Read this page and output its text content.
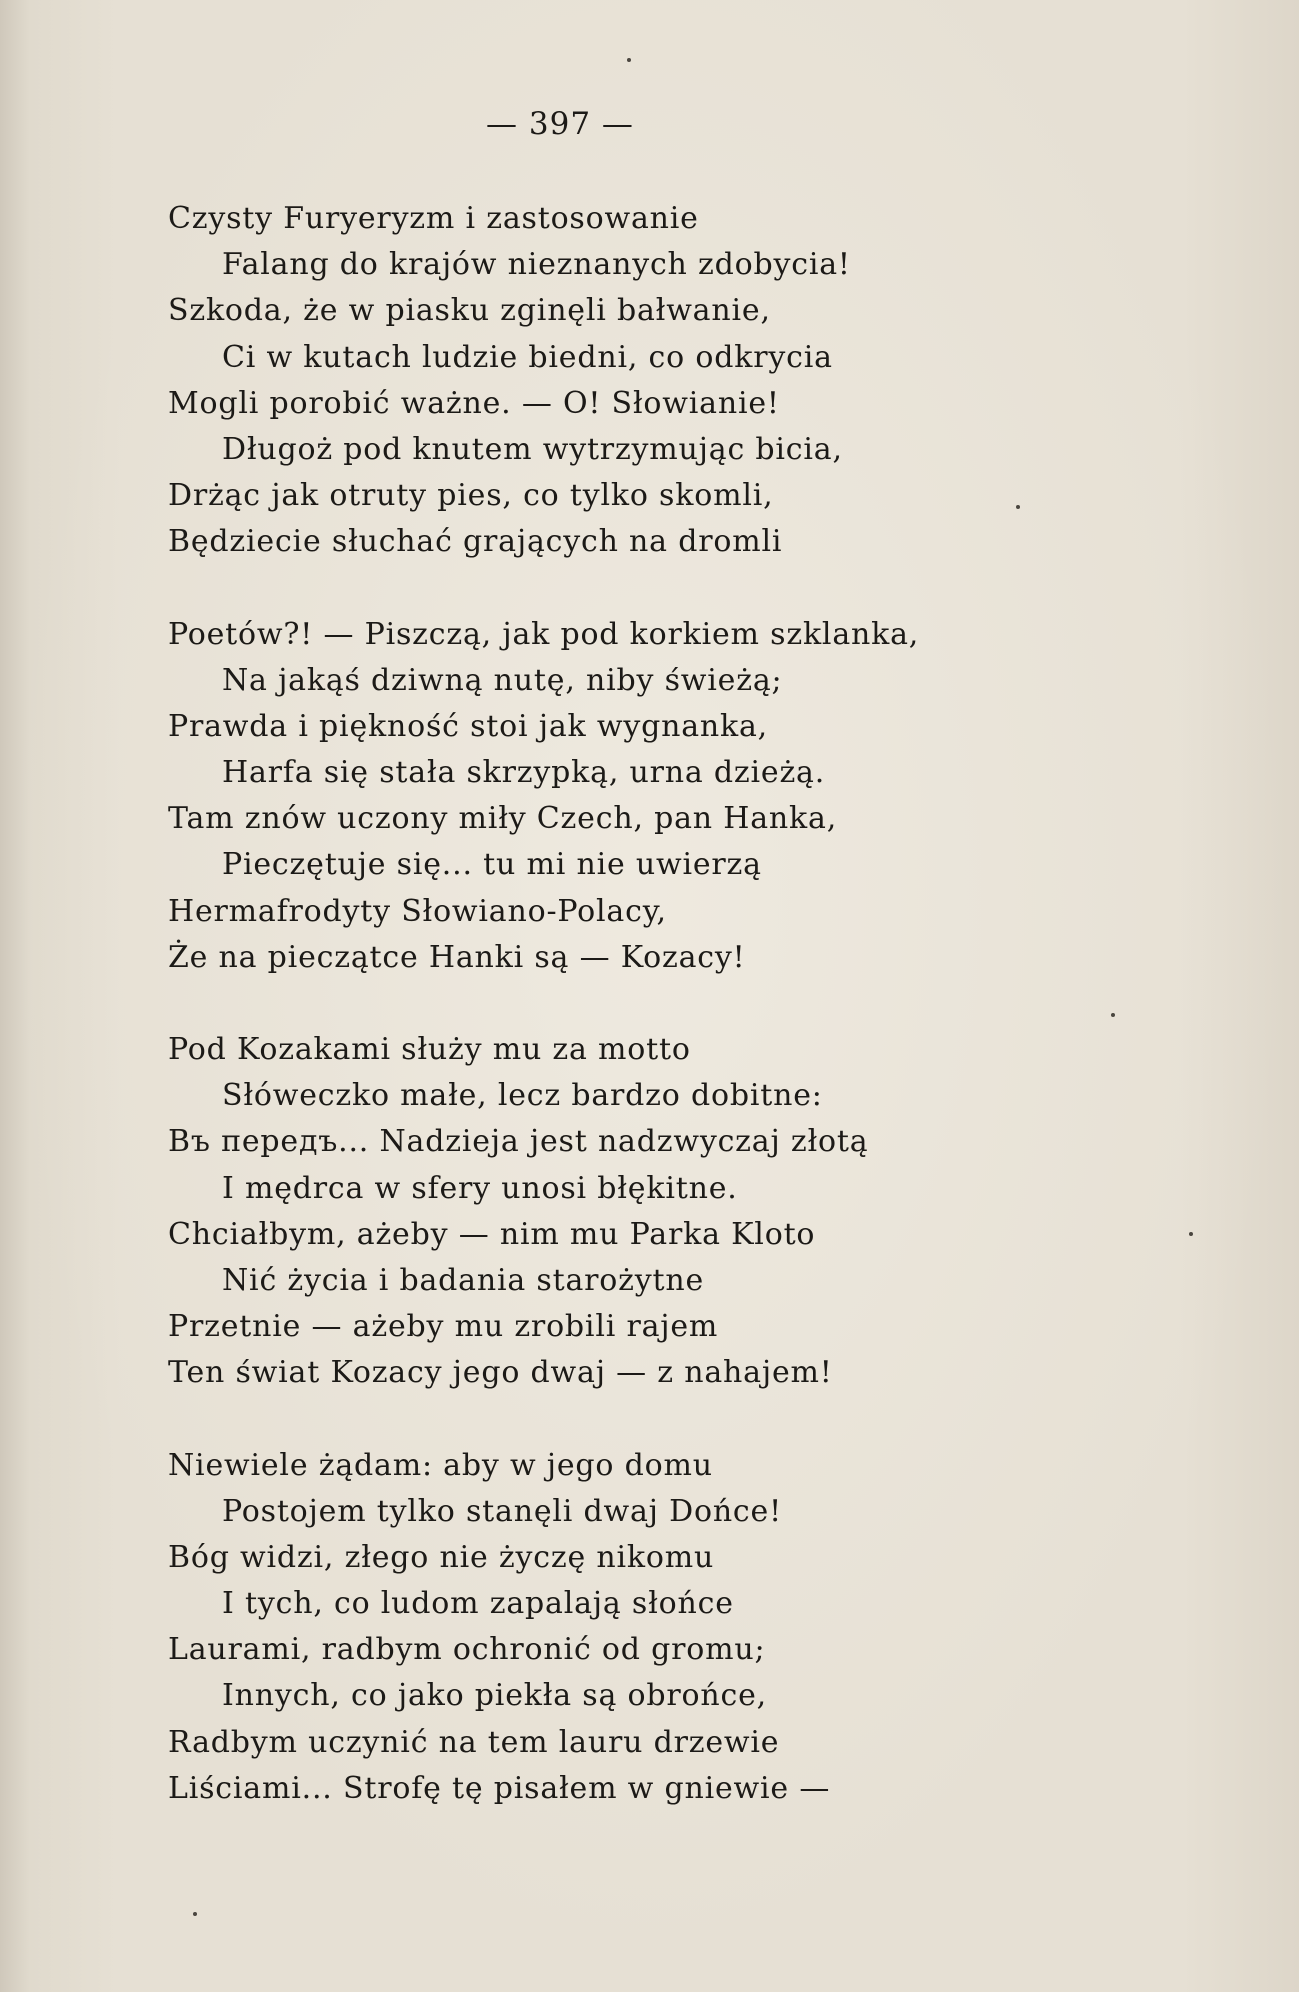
— 397 —
Czysty Furyeryzm i zastosowanie
Falang do krajów nieznanych zdobycia!
Szkoda, że w piasku zginęli bałwanie,
Ci w kutach ludzie biedni, co odkrycia
Mogli porobić ważne. — O! Słowianie!
Długoż pod knutem wytrzymując bicia,
Drżąc jak otruty pies, co tylko skomli,
Będziecie słuchać grających na dromli
Poetów?! — Piszczą, jak pod korkiem szklanka,
Na jakąś dziwną nutę, niby świeżą;
Prawda i piękność stoi jak wygnanka,
Harfa się stała skrzypką, urna dzieżą.
Tam znów uczony miły Czech, pan Hanka,
Pieczętuje się... tu mi nie uwierzą
Hermafrodyty Słowiano-Polacy,
Że na pieczątce Hanki są — Kozacy!
Pod Kozakami służy mu za motto
Słóweczko małe, lecz bardzo dobitne:
Въ передъ... Nadzieja jest nadzwyczaj złotą
I mędrca w sfery unosi błękitne.
Chciałbym, ażeby — nim mu Parka Kloto
Nić życia i badania starożytne
Przetnie — ażeby mu zrobili rajem
Ten świat Kozacy jego dwaj — z nahajem!
Niewiele żądam: aby w jego domu
Postojem tylko stanęli dwaj Dońce!
Bóg widzi, złego nie życzę nikomu
I tych, co ludom zapalają słońce
Laurami, radbym ochronić od gromu;
Innych, co jako piekła są obrońce,
Radbym uczynić na tem lauru drzewie
Liściami... Strofę tę pisałem w gniewie —
